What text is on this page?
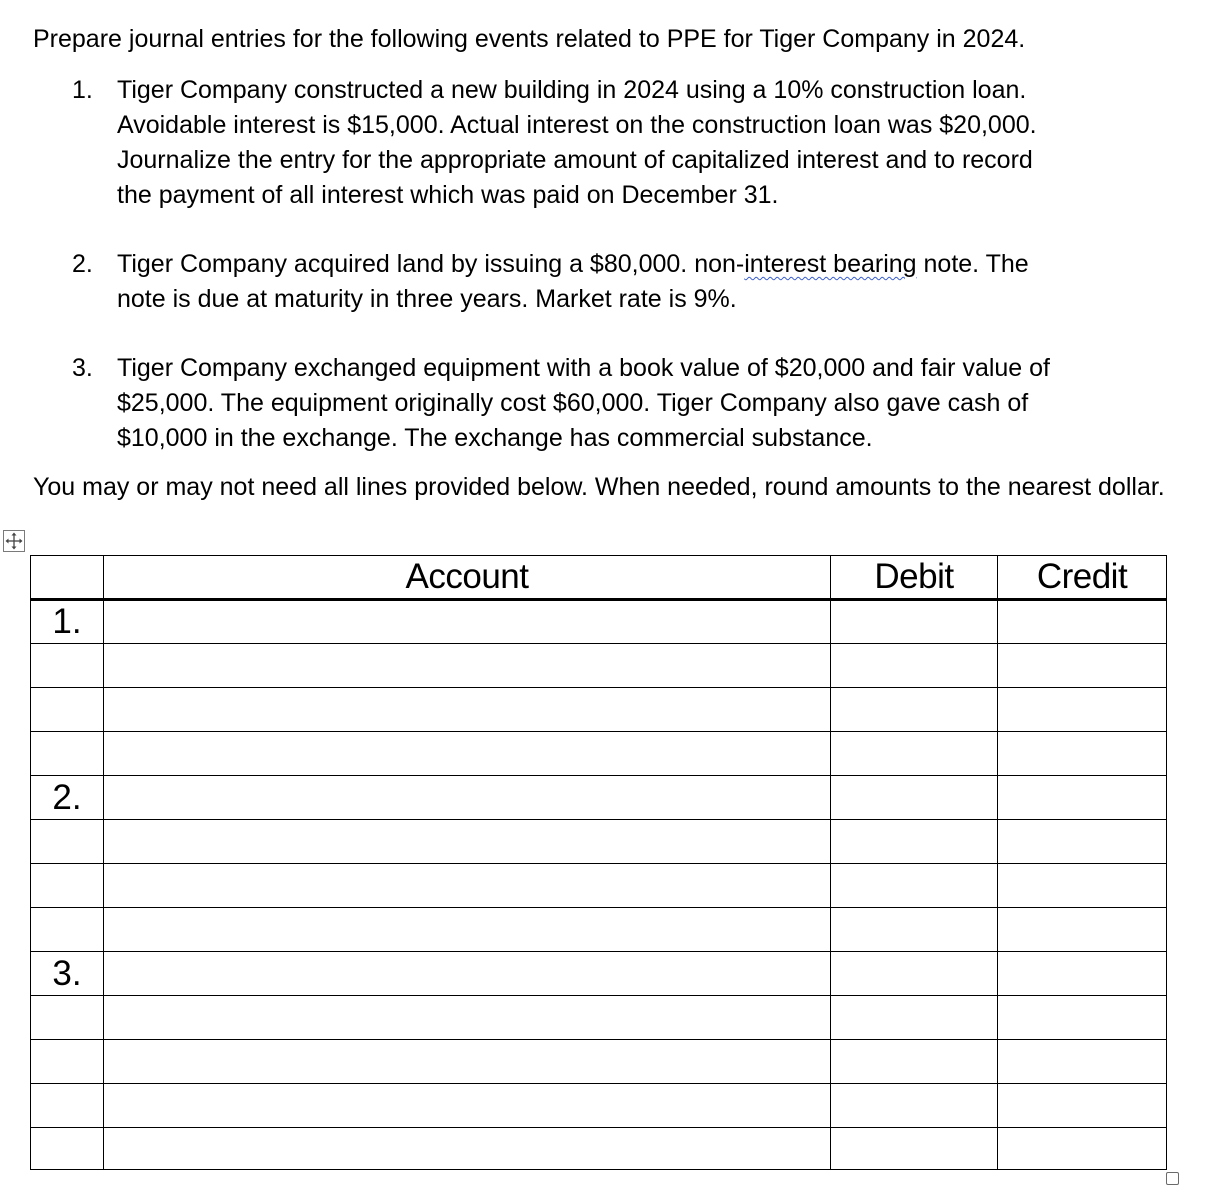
Prepare journal entries for the following events related to PPE for Tiger Company in 2024.
1. Tiger Company constructed a new building in 2024 using a 10% construction loan.
Avoidable interest is $15,000. Actual interest on the construction loan was $20,000.
Journalize the entry for the appropriate amount of capitalized interest and to record
the payment of all interest which was paid on December 31.
2. Tiger Company acquired land by issuing a $80,000. non-interest bearing note. The
note is due at maturity in three years. Market rate is 9%.
3. Tiger Company exchanged equipment with a book value of $20,000 and fair value of
$25,000. The equipment originally cost $60,000. Tiger Company also gave cash of
$10,000 in the exchange. The exchange has commercial substance.
You may or may not need all lines provided below. When needed, round amounts to the nearest dollar.
	Account	Debit	Credit
1.			

2.			

3.			
